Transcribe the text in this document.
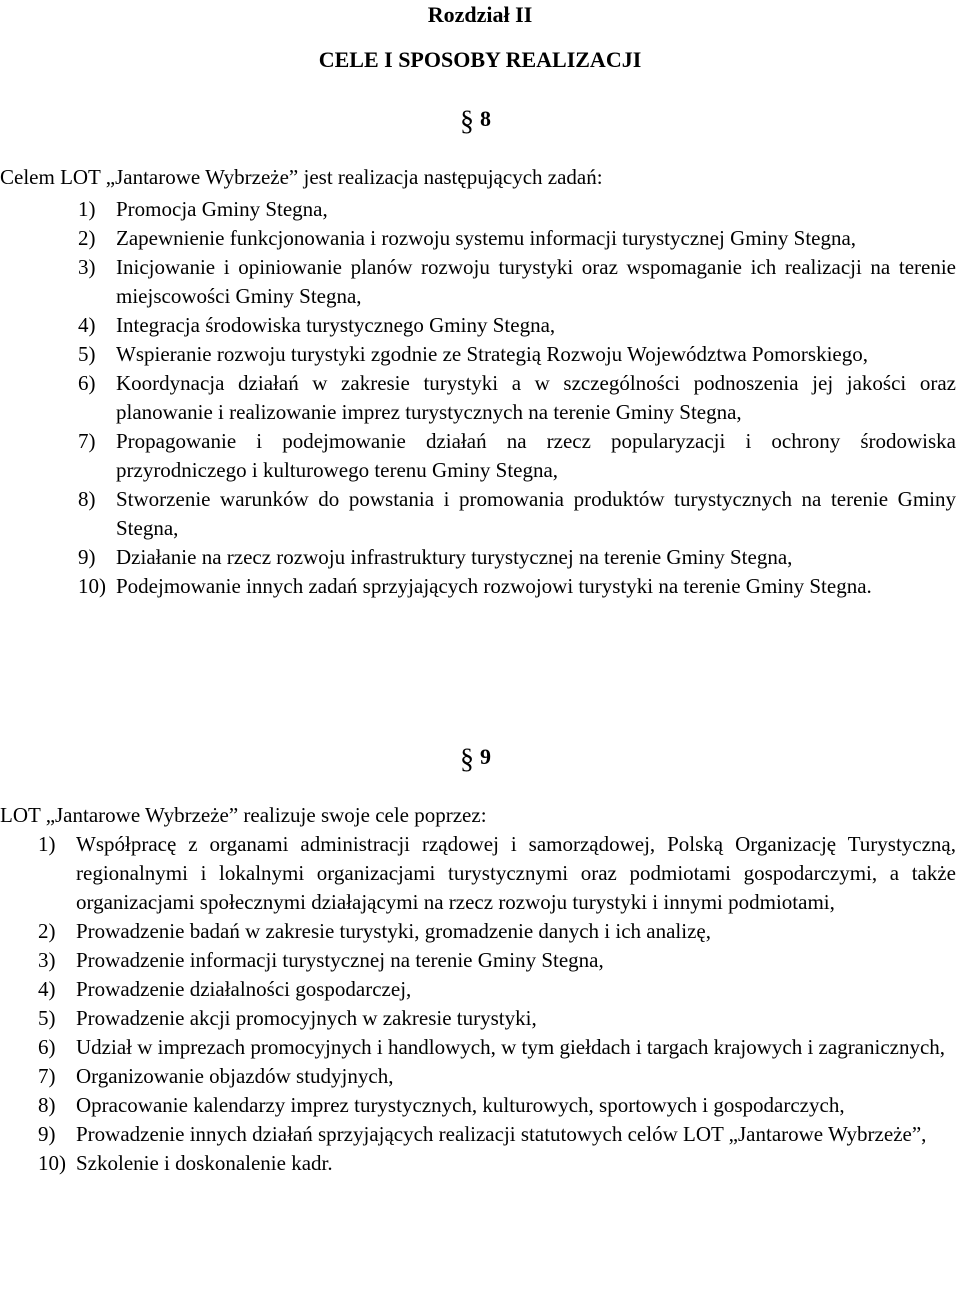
Rozdział II
CELE I SPOSOBY REALIZACJI
§ 8
Celem LOT „Jantarowe Wybrzeże” jest realizacja następujących zadań:
1) Promocja Gminy Stegna,
2) Zapewnienie funkcjonowania i rozwoju systemu informacji turystycznej Gminy Stegna,
3) Inicjowanie i opiniowanie planów rozwoju turystyki oraz wspomaganie ich realizacji na terenie miejscowości Gminy Stegna,
4) Integracja środowiska turystycznego Gminy Stegna,
5) Wspieranie rozwoju turystyki zgodnie ze Strategią Rozwoju Województwa Pomorskiego,
6) Koordynacja działań w zakresie turystyki a w szczególności podnoszenia jej jakości oraz planowanie i realizowanie imprez turystycznych na terenie Gminy Stegna,
7) Propagowanie i podejmowanie działań na rzecz popularyzacji i ochrony środowiska przyrodniczego i kulturowego terenu Gminy Stegna,
8) Stworzenie warunków do powstania i promowania produktów turystycznych na terenie Gminy Stegna,
9) Działanie na rzecz rozwoju infrastruktury turystycznej na terenie Gminy Stegna,
10) Podejmowanie innych zadań sprzyjających rozwojowi turystyki na terenie Gminy Stegna.
§ 9
LOT „Jantarowe Wybrzeże” realizuje swoje cele poprzez:
1) Współpracę z organami administracji rządowej i samorządowej, Polską Organizację Turystyczną, regionalnymi i lokalnymi organizacjami turystycznymi oraz podmiotami gospodarczymi, a także organizacjami społecznymi działającymi na rzecz rozwoju turystyki i innymi podmiotami,
2) Prowadzenie badań w zakresie turystyki, gromadzenie danych i ich analizę,
3) Prowadzenie informacji turystycznej na terenie Gminy Stegna,
4) Prowadzenie działalności gospodarczej,
5) Prowadzenie akcji promocyjnych w zakresie turystyki,
6) Udział w imprezach promocyjnych i handlowych, w tym giełdach i targach krajowych i zagranicznych,
7) Organizowanie objazdów studyjnych,
8) Opracowanie kalendarzy imprez turystycznych, kulturowych, sportowych i gospodarczych,
9) Prowadzenie innych działań sprzyjających realizacji statutowych celów LOT „Jantarowe Wybrzeże”,
10) Szkolenie i doskonalenie kadr.
